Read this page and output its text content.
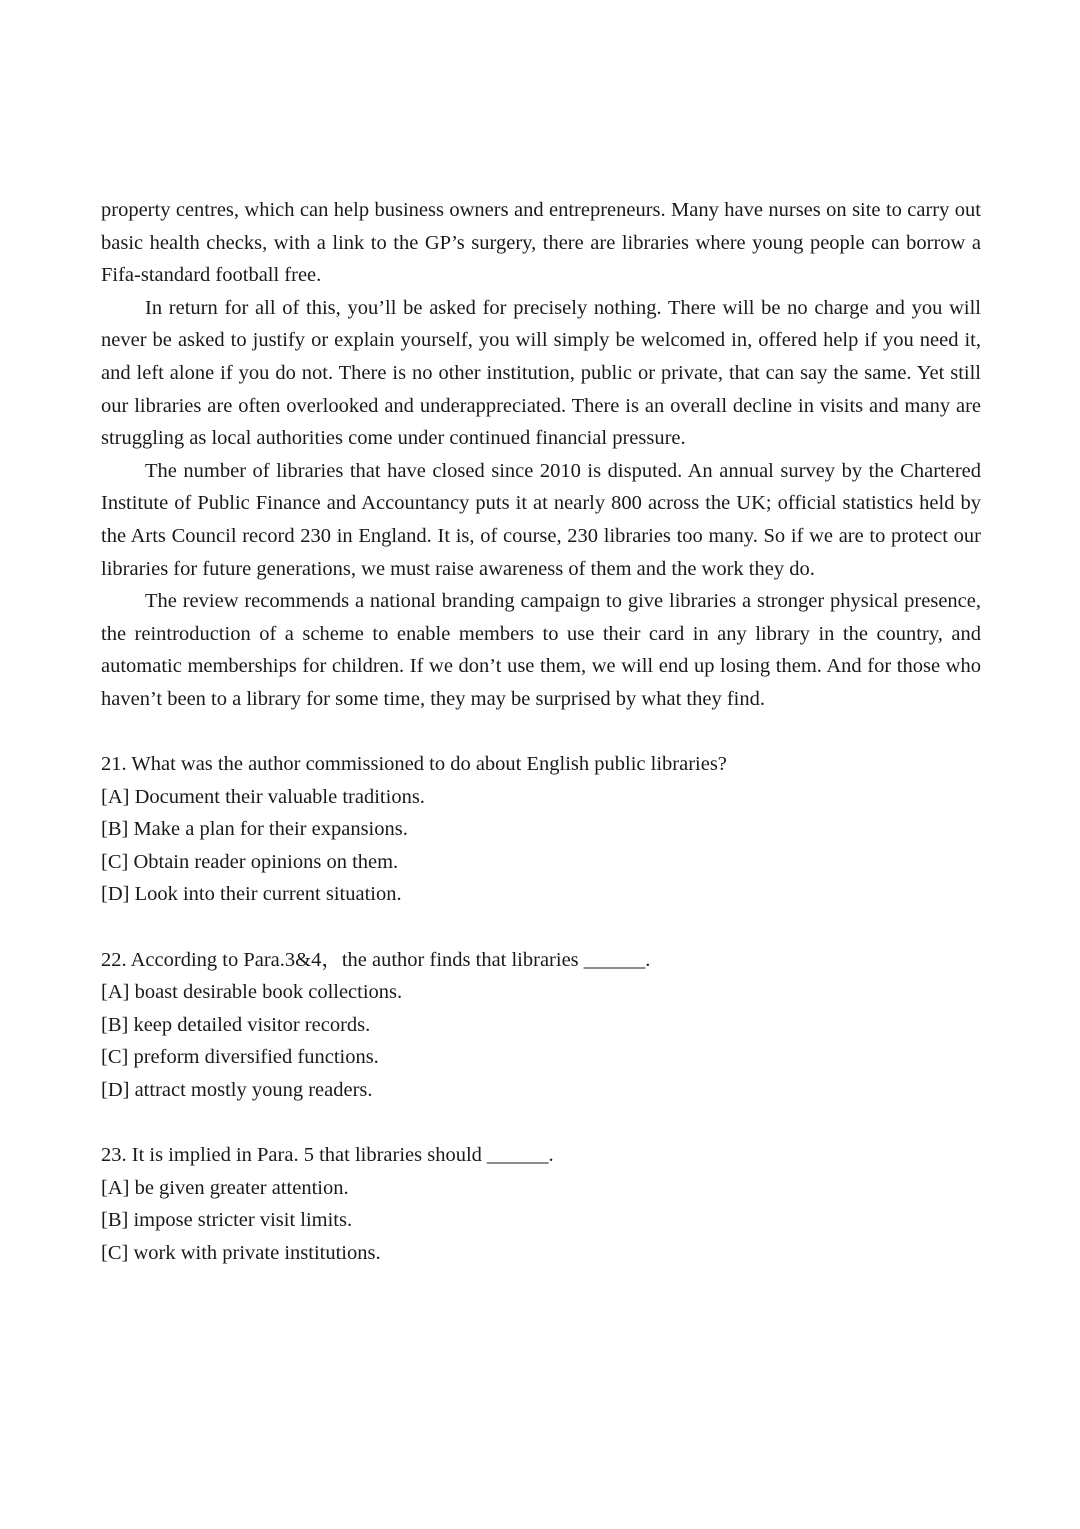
property centres, which can help business owners and entrepreneurs. Many have nurses on site to carry out basic health checks, with a link to the GP’s surgery, there are libraries where young people can borrow a Fifa-standard football free.

In return for all of this, you’ll be asked for precisely nothing. There will be no charge and you will never be asked to justify or explain yourself, you will simply be welcomed in, offered help if you need it, and left alone if you do not. There is no other institution, public or private, that can say the same. Yet still our libraries are often overlooked and underappreciated. There is an overall decline in visits and many are struggling as local authorities come under continued financial pressure.

The number of libraries that have closed since 2010 is disputed. An annual survey by the Chartered Institute of Public Finance and Accountancy puts it at nearly 800 across the UK; official statistics held by the Arts Council record 230 in England. It is, of course, 230 libraries too many. So if we are to protect our libraries for future generations, we must raise awareness of them and the work they do.

The review recommends a national branding campaign to give libraries a stronger physical presence, the reintroduction of a scheme to enable members to use their card in any library in the country, and automatic memberships for children. If we don’t use them, we will end up losing them. And for those who haven’t been to a library for some time, they may be surprised by what they find.

21. What was the author commissioned to do about English public libraries?

[A] Document their valuable traditions.

[B] Make a plan for their expansions.

[C] Obtain reader opinions on them.

[D] Look into their current situation.

22. According to Para.3&4，the author finds that libraries ______.

[A] boast desirable book collections.

[B] keep detailed visitor records.

[C] preform diversified functions.

[D] attract mostly young readers.

23. It is implied in Para. 5 that libraries should ______.

[A] be given greater attention.

[B] impose stricter visit limits.

[C] work with private institutions.
